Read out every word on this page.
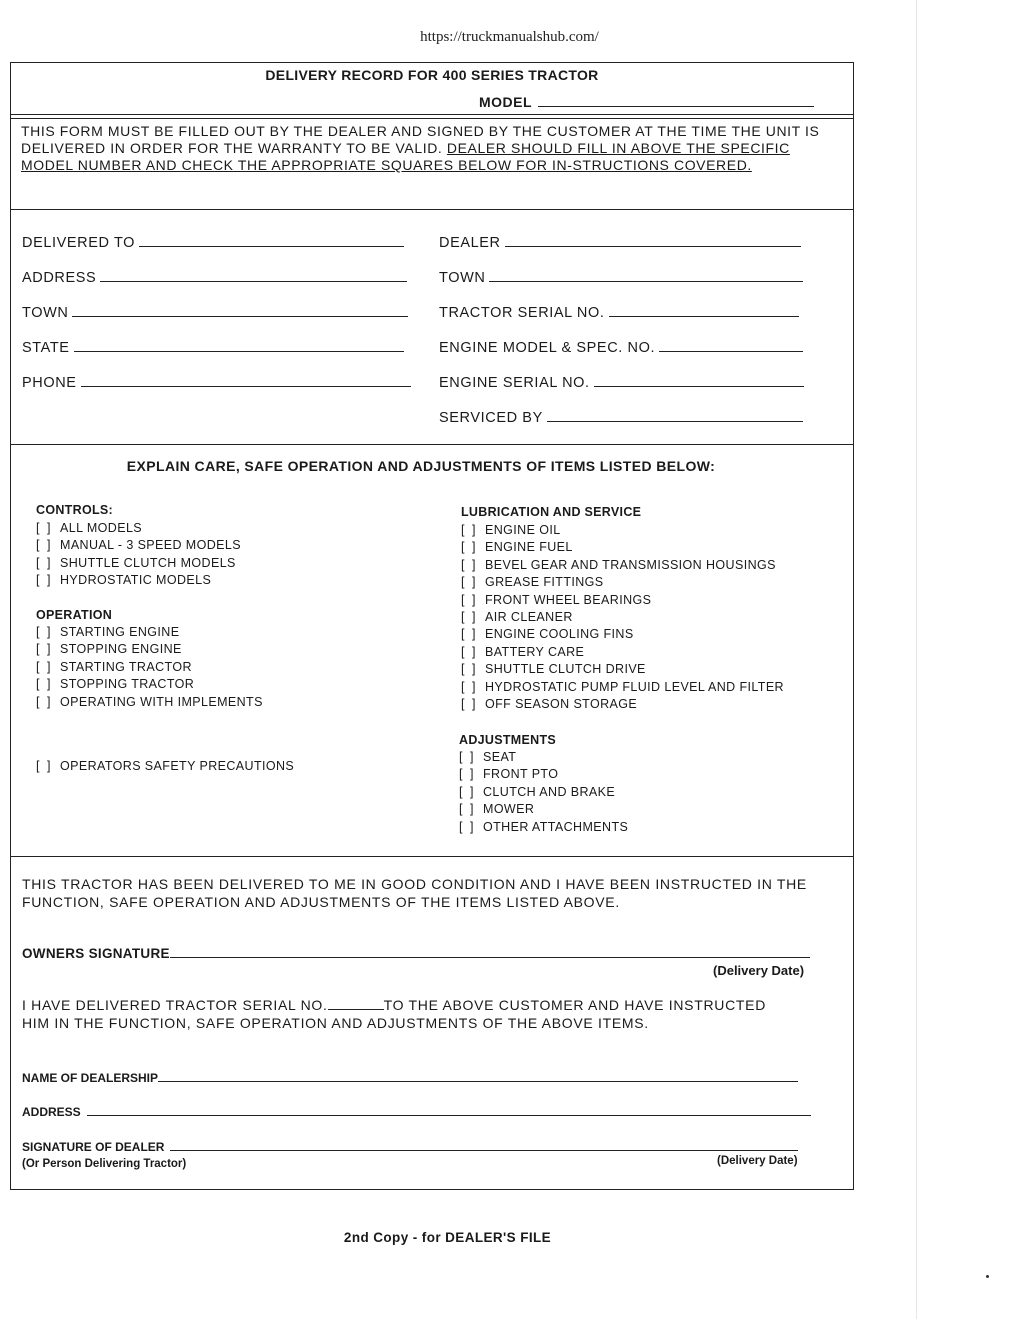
https://truckmanualshub.com/
DELIVERY RECORD FOR 400 SERIES TRACTOR
MODEL
THIS FORM MUST BE FILLED OUT BY THE DEALER AND SIGNED BY THE CUSTOMER AT THE TIME THE UNIT IS DELIVERED IN ORDER FOR THE WARRANTY TO BE VALID. DEALER SHOULD FILL IN ABOVE THE SPECIFIC MODEL NUMBER AND CHECK THE APPROPRIATE SQUARES BELOW FOR IN-STRUCTIONS COVERED.
DELIVERED TO
ADDRESS
TOWN
STATE
PHONE
DEALER
TOWN
TRACTOR SERIAL NO.
ENGINE MODEL & SPEC. NO.
ENGINE SERIAL NO.
SERVICED BY
EXPLAIN CARE, SAFE OPERATION AND ADJUSTMENTS OF ITEMS LISTED BELOW:
CONTROLS:
[ ] ALL MODELS
[ ] MANUAL - 3 SPEED MODELS
[ ] SHUTTLE CLUTCH MODELS
[ ] HYDROSTATIC MODELS
OPERATION
[ ] STARTING ENGINE
[ ] STOPPING ENGINE
[ ] STARTING TRACTOR
[ ] STOPPING TRACTOR
[ ] OPERATING WITH IMPLEMENTS
[ ] OPERATORS SAFETY PRECAUTIONS
LUBRICATION AND SERVICE
[ ] ENGINE OIL
[ ] ENGINE FUEL
[ ] BEVEL GEAR AND TRANSMISSION HOUSINGS
[ ] GREASE FITTINGS
[ ] FRONT WHEEL BEARINGS
[ ] AIR CLEANER
[ ] ENGINE COOLING FINS
[ ] BATTERY CARE
[ ] SHUTTLE CLUTCH DRIVE
[ ] HYDROSTATIC PUMP FLUID LEVEL AND FILTER
[ ] OFF SEASON STORAGE
ADJUSTMENTS
[ ] SEAT
[ ] FRONT PTO
[ ] CLUTCH AND BRAKE
[ ] MOWER
[ ] OTHER ATTACHMENTS
THIS TRACTOR HAS BEEN DELIVERED TO ME IN GOOD CONDITION AND I HAVE BEEN INSTRUCTED IN THE FUNCTION, SAFE OPERATION AND ADJUSTMENTS OF THE ITEMS LISTED ABOVE.
OWNERS SIGNATURE
(Delivery Date)
I HAVE DELIVERED TRACTOR SERIAL NO.	TO THE ABOVE CUSTOMER AND HAVE INSTRUCTED
HIM IN THE FUNCTION, SAFE OPERATION AND ADJUSTMENTS OF THE ABOVE ITEMS.
NAME OF DEALERSHIP
ADDRESS
SIGNATURE OF DEALER
(Or Person Delivering Tractor)	(Delivery Date)
2nd Copy - for DEALER'S FILE
